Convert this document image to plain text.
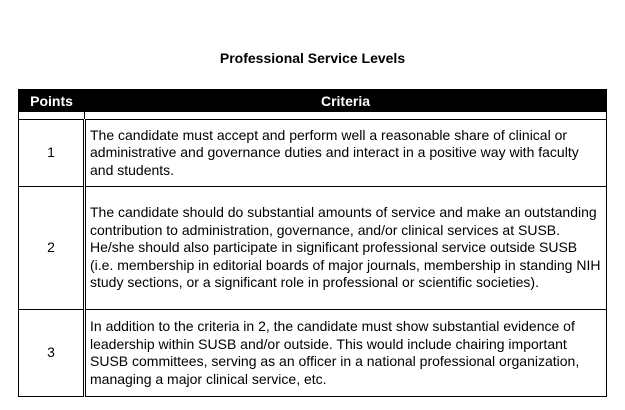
Professional Service Levels
Points	Criteria

1	The candidate must accept and perform well a reasonable share of clinical or administrative and governance duties and interact in a positive way with faculty and students.
2	The candidate should do substantial amounts of service and make an outstanding contribution to administration, governance, and/or clinical services at SUSB. He/she should also participate in significant professional service outside SUSB (i.e. membership in editorial boards of major journals, membership in standing NIH study sections, or a significant role in professional or scientific societies).
3	In addition to the criteria in 2, the candidate must show substantial evidence of leadership within SUSB and/or outside. This would include chairing important SUSB committees, serving as an officer in a national professional organization, managing a major clinical service, etc.
